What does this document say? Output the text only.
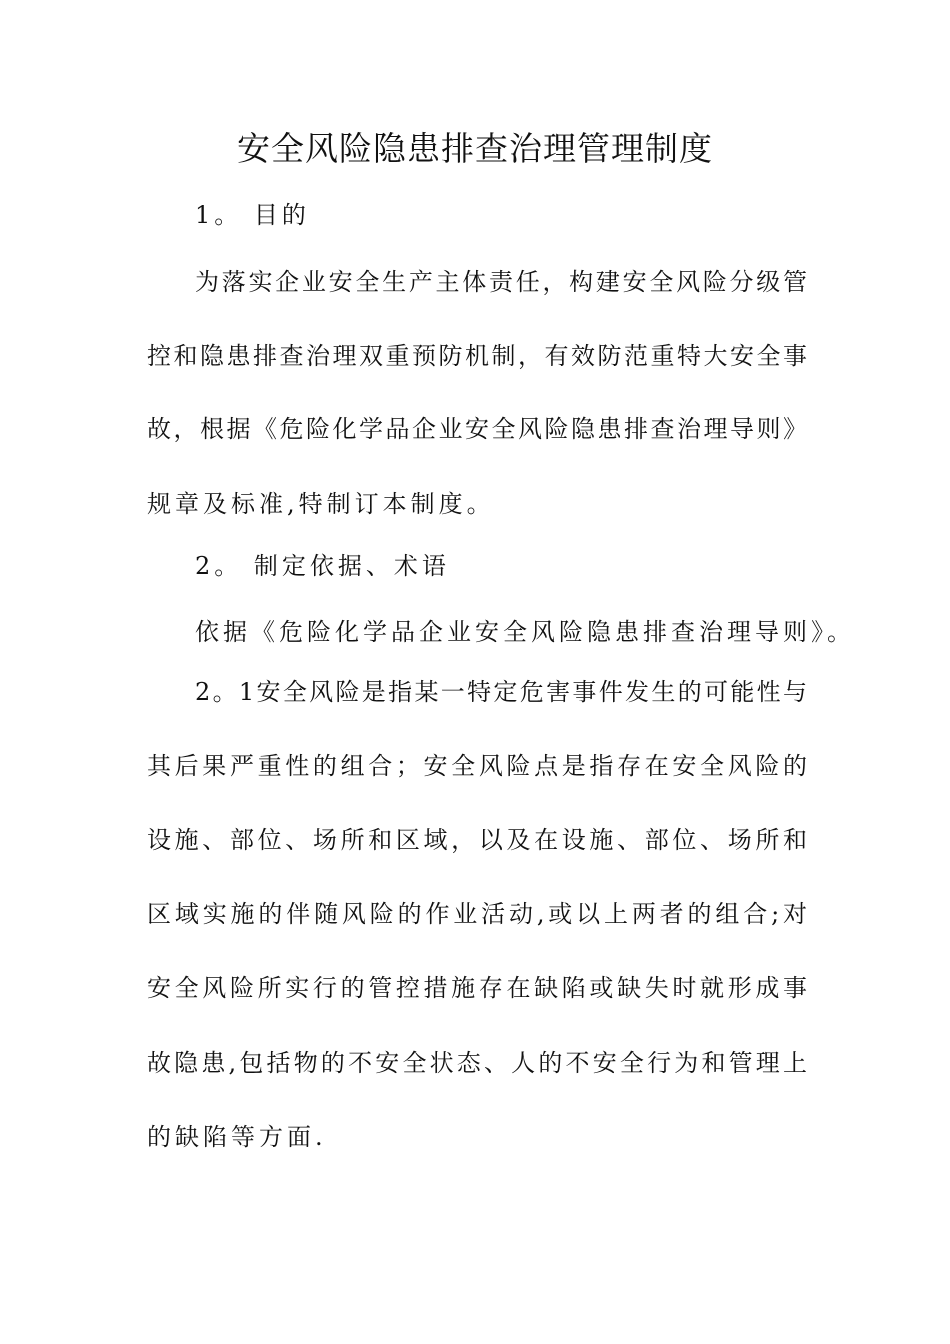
安全风险隐患排查治理管理制度
1。 目的
为落实企业安全生产主体责任，构建安全风险分级管
控和隐患排查治理双重预防机制，有效防范重特大安全事
故，根据《危险化学品企业安全风险隐患排查治理导则》
规章及标准,特制订本制度。
2。 制定依据、术语
依据《危险化学品企业安全风险隐患排查治理导则》。
2。1安全风险是指某一特定危害事件发生的可能性与
其后果严重性的组合；安全风险点是指存在安全风险的
设施、部位、场所和区域，以及在设施、部位、场所和
区域实施的伴随风险的作业活动,或以上两者的组合;对
安全风险所实行的管控措施存在缺陷或缺失时就形成事
故隐患,包括物的不安全状态、人的不安全行为和管理上
的缺陷等方面.
